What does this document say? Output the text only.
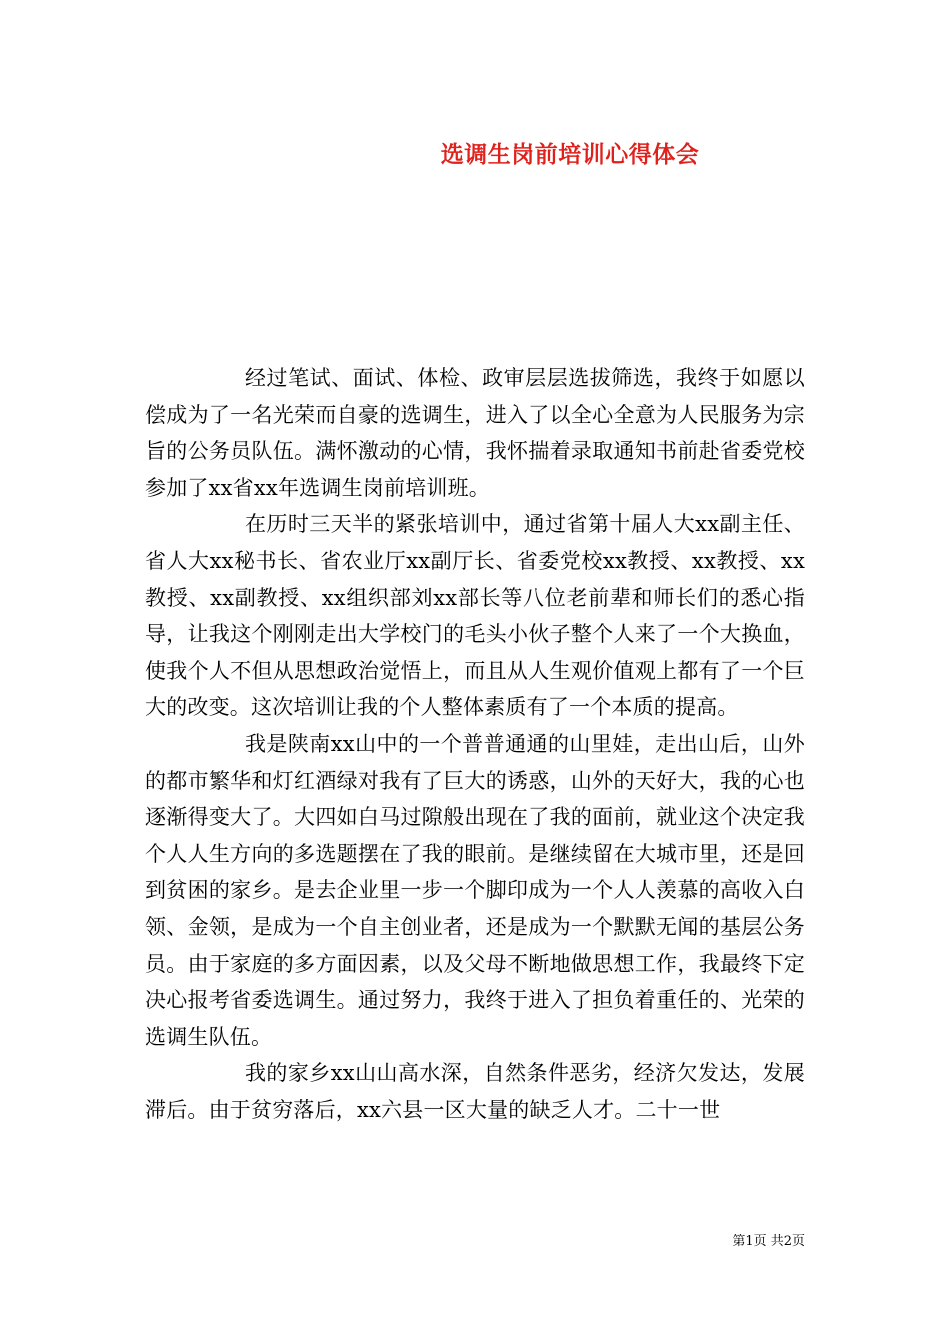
选调生岗前培训心得体会

经过笔试、面试、体检、政审层层选拔筛选，我终于如愿以偿成为了一名光荣而自豪的选调生，进入了以全心全意为人民服务为宗旨的公务员队伍。满怀激动的心情，我怀揣着录取通知书前赴省委党校参加了xx省xx年选调生岗前培训班。

在历时三天半的紧张培训中，通过省第十届人大xx副主任、省人大xx秘书长、省农业厅xx副厅长、省委党校xx教授、xx教授、xx教授、xx副教授、xx组织部刘xx部长等八位老前辈和师长们的悉心指导，让我这个刚刚走出大学校门的毛头小伙子整个人来了一个大换血，使我个人不但从思想政治觉悟上，而且从人生观价值观上都有了一个巨大的改变。这次培训让我的个人整体素质有了一个本质的提高。

我是陕南xx山中的一个普普通通的山里娃，走出山后，山外的都市繁华和灯红酒绿对我有了巨大的诱惑，山外的天好大，我的心也逐渐得变大了。大四如白马过隙般出现在了我的面前，就业这个决定我个人人生方向的多选题摆在了我的眼前。是继续留在大城市里，还是回到贫困的家乡。是去企业里一步一个脚印成为一个人人羡慕的高收入白领、金领，是成为一个自主创业者，还是成为一个默默无闻的基层公务员。由于家庭的多方面因素，以及父母不断地做思想工作，我最终下定决心报考省委选调生。通过努力，我终于进入了担负着重任的、光荣的选调生队伍。

我的家乡xx山山高水深，自然条件恶劣，经济欠发达，发展滞后。由于贫穷落后，xx六县一区大量的缺乏人才。二十一世

第1页 共2页
